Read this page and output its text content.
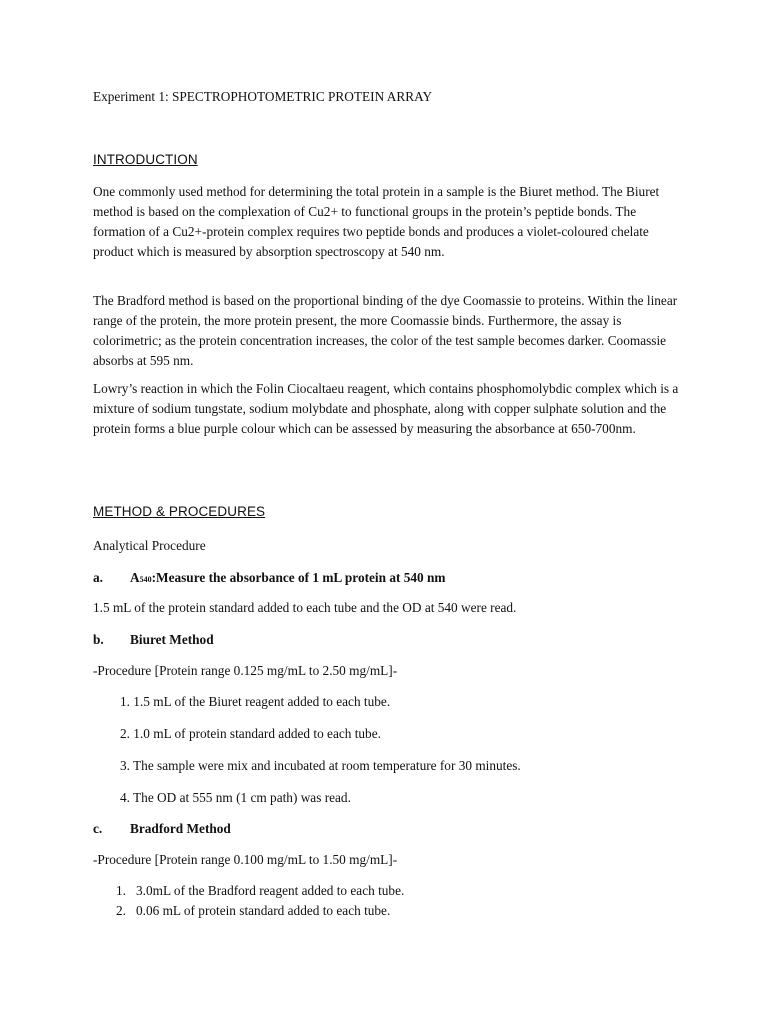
Experiment 1: SPECTROPHOTOMETRIC PROTEIN ARRAY
INTRODUCTION

One commonly used method for determining the total protein in a sample is the Biuret method. The Biuret method is based on the complexation of Cu2+ to functional groups in the protein’s peptide bonds. The formation of a Cu2+-protein complex requires two peptide bonds and produces a violet-coloured chelate product which is measured by absorption spectroscopy at 540 nm.

The Bradford method is based on the proportional binding of the dye Coomassie to proteins. Within the linear range of the protein, the more protein present, the more Coomassie binds. Furthermore, the assay is colorimetric; as the protein concentration increases, the color of the test sample becomes darker. Coomassie absorbs at 595 nm.

Lowry’s reaction in which the Folin Ciocaltaeu reagent, which contains phosphomolybdic complex which is a mixture of sodium tungstate, sodium molybdate and phosphate, along with copper sulphate solution and the protein forms a blue purple colour which can be assessed by measuring the absorbance at 650-700nm.

METHOD & PROCEDURES
Analytical Procedure
a. A540:Measure the absorbance of 1 mL protein at 540 nm
1.5 mL of the protein standard added to each tube and the OD at 540 were read.
b. Biuret Method
-Procedure [Protein range 0.125 mg/mL to 2.50 mg/mL]-
1. 1.5 mL of the Biuret reagent added to each tube.
2. 1.0 mL of protein standard added to each tube.
3. The sample were mix and incubated at room temperature for 30 minutes.
4. The OD at 555 nm (1 cm path) was read.
c. Bradford Method
-Procedure [Protein range 0.100 mg/mL to 1.50 mg/mL]-
1. 3.0mL of the Bradford reagent added to each tube.
2. 0.06 mL of protein standard added to each tube.
